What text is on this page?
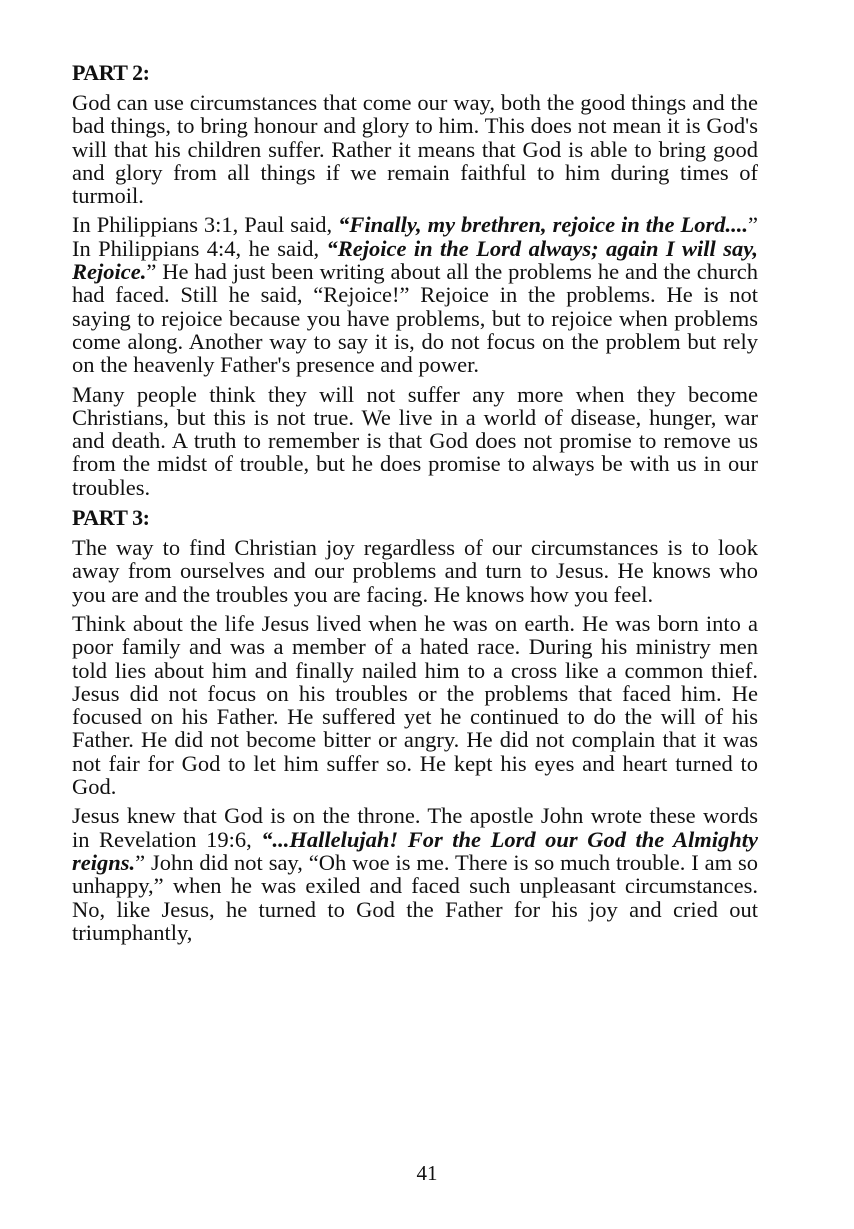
PART 2:

God can use circumstances that come our way, both the good things and the bad things, to bring honour and glory to him. This does not mean it is God's will that his children suffer. Rather it means that God is able to bring good and glory from all things if we remain faithful to him during times of turmoil.

In Philippians 3:1, Paul said, “Finally, my brethren, rejoice in the Lord....” In Philippians 4:4, he said, “Rejoice in the Lord always; again I will say, Rejoice.” He had just been writing about all the problems he and the church had faced. Still he said, “Rejoice!” Rejoice in the problems. He is not saying to rejoice because you have problems, but to rejoice when problems come along. Another way to say it is, do not focus on the problem but rely on the heavenly Father's presence and power.

Many people think they will not suffer any more when they become Christians, but this is not true. We live in a world of disease, hunger, war and death. A truth to remember is that God does not promise to remove us from the midst of trouble, but he does promise to always be with us in our troubles.

PART 3:

The way to find Christian joy regardless of our circumstances is to look away from ourselves and our problems and turn to Jesus. He knows who you are and the troubles you are facing. He knows how you feel.

Think about the life Jesus lived when he was on earth. He was born into a poor family and was a member of a hated race. During his ministry men told lies about him and finally nailed him to a cross like a common thief. Jesus did not focus on his troubles or the problems that faced him. He focused on his Father. He suffered yet he continued to do the will of his Father. He did not become bitter or angry. He did not complain that it was not fair for God to let him suffer so. He kept his eyes and heart turned to God.

Jesus knew that God is on the throne. The apostle John wrote these words in Revelation 19:6, “...Hallelujah! For the Lord our God the Almighty reigns.” John did not say, “Oh woe is me. There is so much trouble. I am so unhappy,” when he was exiled and faced such unpleasant circumstances. No, like Jesus, he turned to God the Father for his joy and cried out triumphantly,

41
